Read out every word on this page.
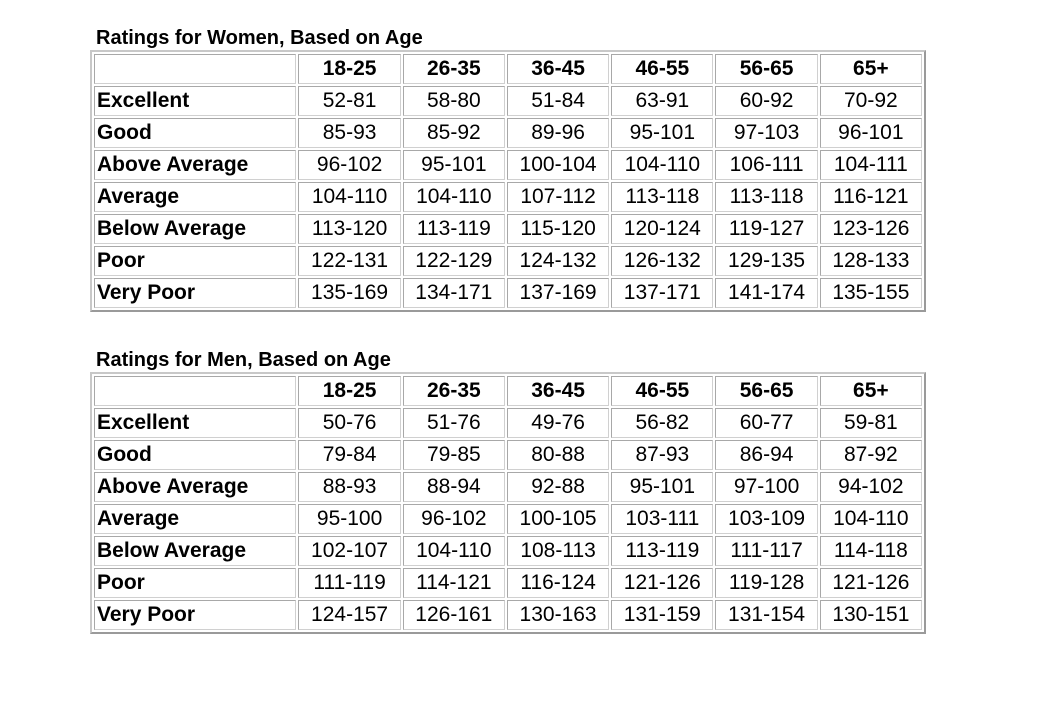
Ratings for Women, Based on Age
	18-25	26-35	36-45	46-55	56-65	65+
Excellent	52-81	58-80	51-84	63-91	60-92	70-92
Good	85-93	85-92	89-96	95-101	97-103	96-101
Above Average	96-102	95-101	100-104	104-110	106-111	104-111
Average	104-110	104-110	107-112	113-118	113-118	116-121
Below Average	113-120	113-119	115-120	120-124	119-127	123-126
Poor	122-131	122-129	124-132	126-132	129-135	128-133
Very Poor	135-169	134-171	137-169	137-171	141-174	135-155
Ratings for Men, Based on Age
	18-25	26-35	36-45	46-55	56-65	65+
Excellent	50-76	51-76	49-76	56-82	60-77	59-81
Good	79-84	79-85	80-88	87-93	86-94	87-92
Above Average	88-93	88-94	92-88	95-101	97-100	94-102
Average	95-100	96-102	100-105	103-111	103-109	104-110
Below Average	102-107	104-110	108-113	113-119	111-117	114-118
Poor	111-119	114-121	116-124	121-126	119-128	121-126
Very Poor	124-157	126-161	130-163	131-159	131-154	130-151
